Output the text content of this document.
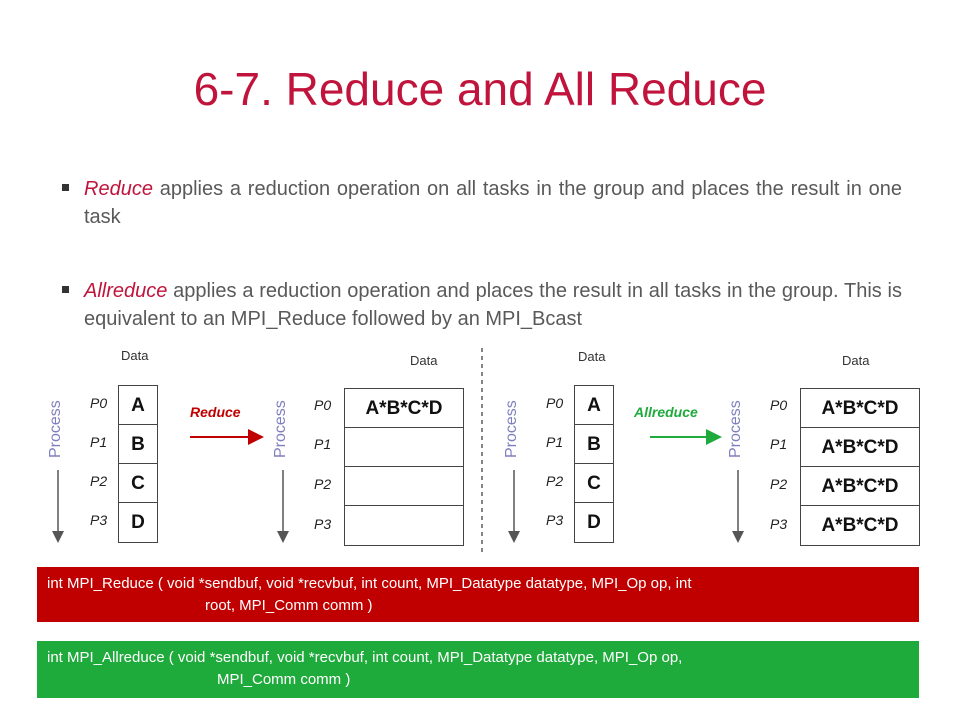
6-7. Reduce and All Reduce
Reduce applies a reduction operation on all tasks in the group and places the result in one task
Allreduce applies a reduction operation and places the result in all tasks in the group. This is equivalent to an MPI_Reduce followed by an MPI_Bcast
Data
Process P0
P1
P2
P3
A
B
C
D
Reduce
Data
Process P0
P1
P2
P3
A*B*C*D
Data
Process P0
P1
P2
P3
A
B
C
D
Allreduce
Data
Process P0
P1
P2
P3
A*B*C*D
A*B*C*D
A*B*C*D
A*B*C*D
int MPI_Reduce ( void *sendbuf, void *recvbuf, int count, MPI_Datatype datatype, MPI_Op op, int
root, MPI_Comm comm )
int MPI_Allreduce ( void *sendbuf, void *recvbuf, int count, MPI_Datatype datatype, MPI_Op op,
MPI_Comm comm )
